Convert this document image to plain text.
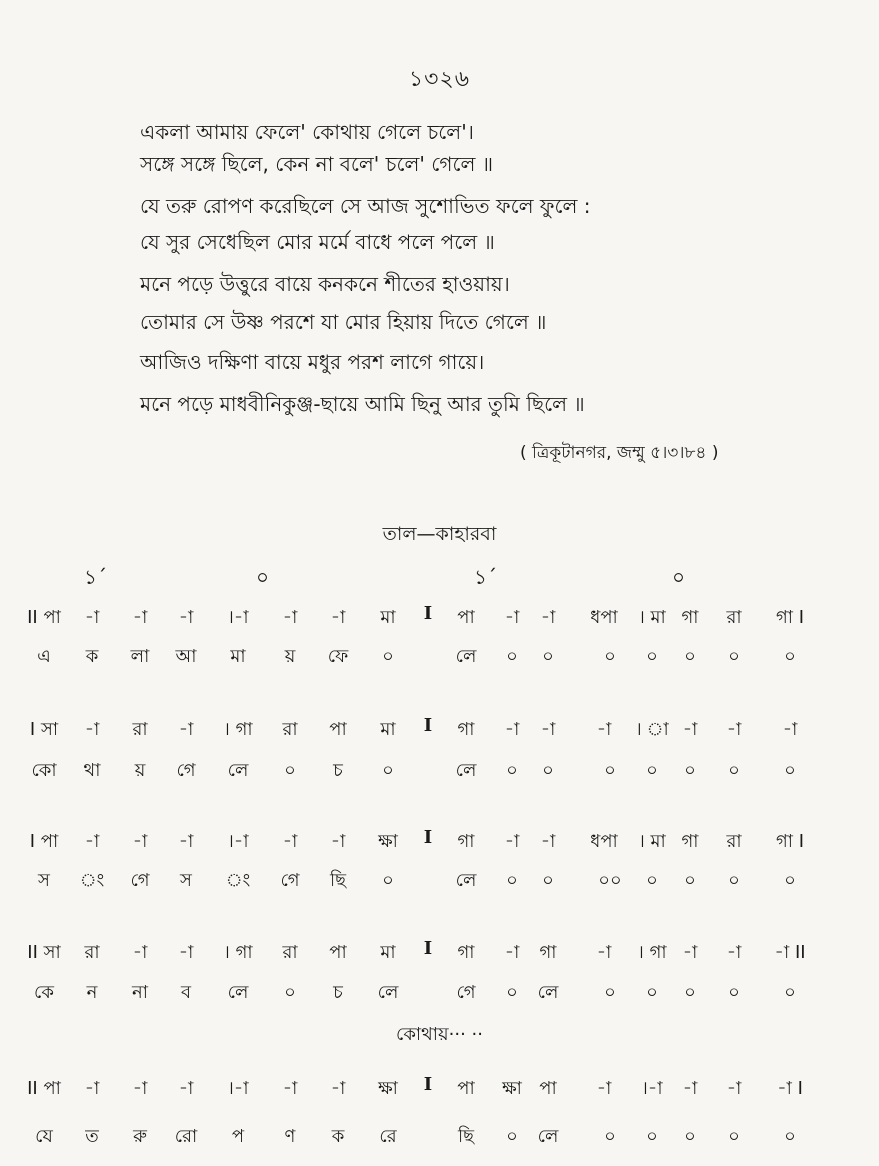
১৩২৬
একলা আমায় ফেলে' কোথায় গেলে চলে'।
সঙ্গে সঙ্গে ছিলে, কেন না বলে' চলে' গেলে ॥
যে তরু রোপণ করেছিলে সে আজ সুশোভিত ফলে ফুলে :
যে সুর সেধেছিল মোর মর্মে বাধে পলে পলে ॥
মনে পড়ে উত্তুরে বায়ে কনকনে শীতের হাওয়ায়।
তোমার সে উষ্ণ পরশে যা মোর হিয়ায় দিতে গেলে ॥
আজিও দক্ষিণা বায়ে মধুর পরশ লাগে গায়ে।
মনে পড়ে মাধবীনিকুঞ্জ-ছায়ে আমি ছিনু আর তুমি ছিলে ॥
( ত্রিকূটানগর, জম্মু ৫।৩।৮৪ )
তাল—কাহারবা
১´	০	১´	০
II পা -া -া -া ।-া -া -া মা I পা -া -া ধপা । মা গা রা গা I
এ ক লা আ মা য় ফে ০	লে ০ ০	০ ০ ০ ০ ০
I সা -া রা -া । গা রা পা মা I গা -া -া -া । া -া -া -া
কো থা য় গে লে ০ চ ০	লে ০ ০	০ ০ ০ ০ ০
I পা -া -া -া ।-া -া -া ক্ষা I গা -া -া ধপা । মা গা রা গা I
স ং গে স ং গে ছি ০	লে ০ ০ ০০ ০ ০ ০ ০
II সা রা -া -া । গা রা পা মা I গা -া গা -া । গা -া -া -া II
কে ন না ব লে ০ চ লে	গে ০ লে	০ ০ ০ ০ ০
II পা -া -া -া ।-া -া -া ক্ষা I পা ক্ষা পা -া ।-া -া -া -া I
যে ত রু রো প ণ ক রে	ছি ০ লে	০ ০ ০ ০ ০
কোথায়··· ··
